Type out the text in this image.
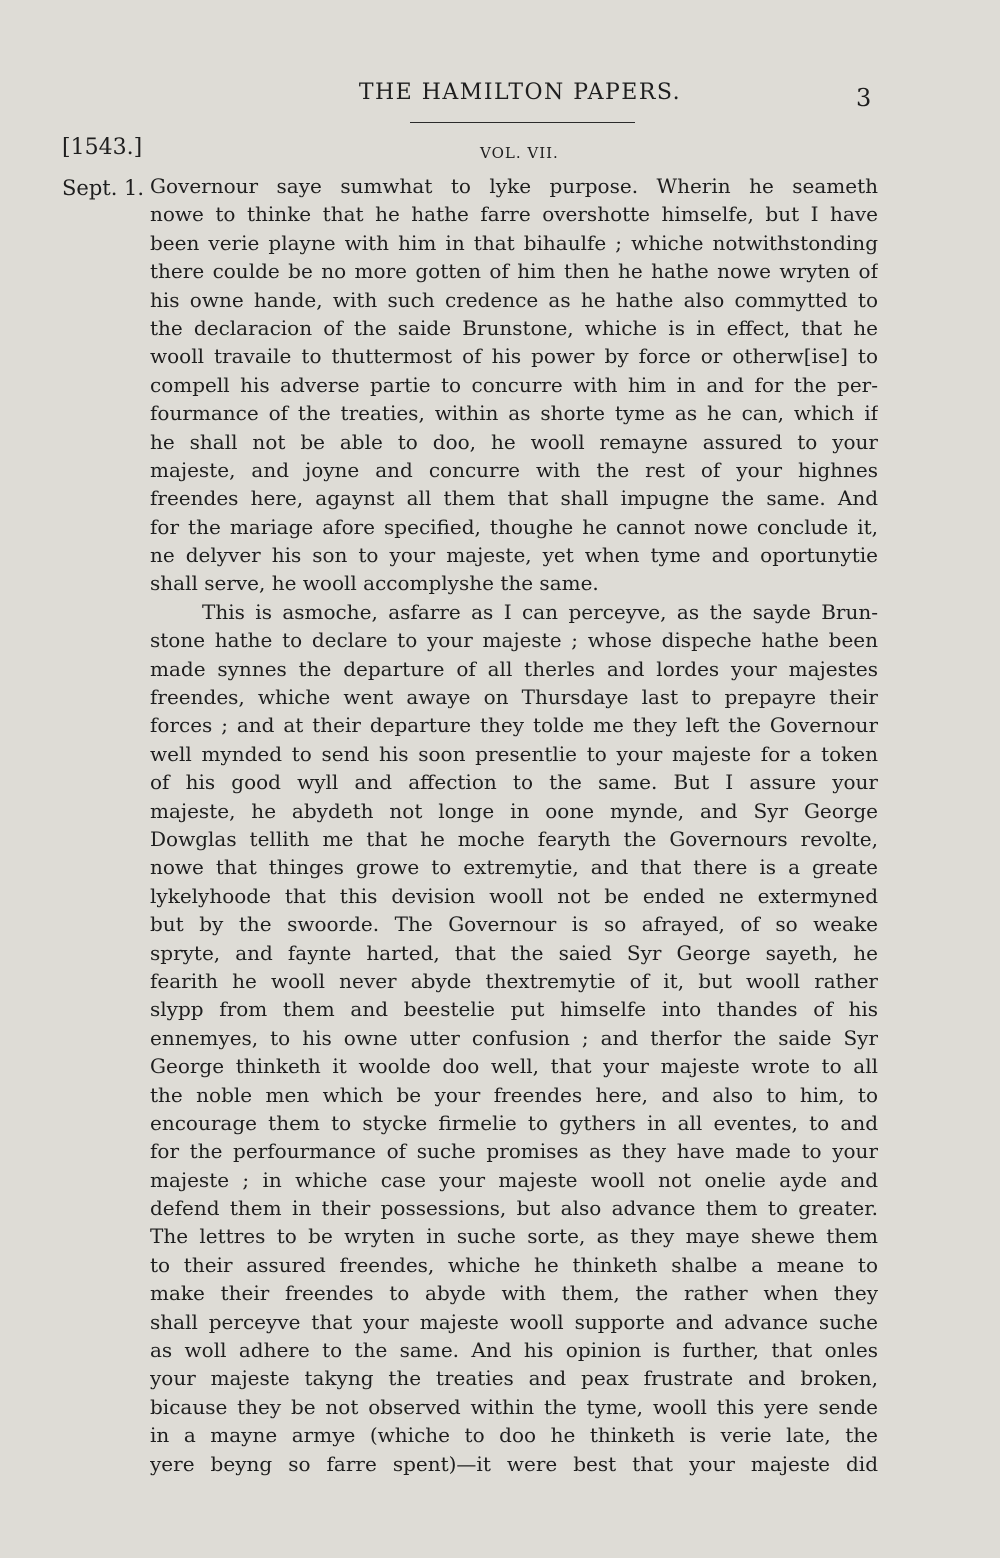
THE HAMILTON PAPERS.	3
[1543.]	VOL. VII.
Sept. 1. Governour saye sumwhat to lyke purpose. Wherin he seameth
nowe to thinke that he hathe farre overshotte himselfe, but I have
been verie playne with him in that bihaulfe ; whiche notwithstonding
there coulde be no more gotten of him then he hathe nowe wryten of
his owne hande, with such credence as he hathe also commytted to
the declaracion of the saide Brunstone, whiche is in effect, that he
wooll travaile to thuttermost of his power by force or otherw[ise] to
compell his adverse partie to concurre with him in and for the per-
fourmance of the treaties, within as shorte tyme as he can, which if
he shall not be able to doo, he wooll remayne assured to your
majeste, and joyne and concurre with the rest of your highnes
freendes here, agaynst all them that shall impugne the same. And
for the mariage afore specified, thoughe he cannot nowe conclude it,
ne delyver his son to your majeste, yet when tyme and oportunytie
shall serve, he wooll accomplyshe the same.
This is asmoche, asfarre as I can perceyve, as the sayde Brun-
stone hathe to declare to your majeste ; whose dispeche hathe been
made synnes the departure of all therles and lordes your majestes
freendes, whiche went awaye on Thursdaye last to prepayre their
forces ; and at their departure they tolde me they left the Governour
well mynded to send his soon presentlie to your majeste for a token
of his good wyll and affection to the same. But I assure your
majeste, he abydeth not longe in oone mynde, and Syr George
Dowglas tellith me that he moche fearyth the Governours revolte,
nowe that thinges growe to extremytie, and that there is a greate
lykelyhoode that this devision wooll not be ended ne extermyned
but by the swoorde. The Governour is so afrayed, of so weake
spryte, and faynte harted, that the saied Syr George sayeth, he
fearith he wooll never abyde thextremytie of it, but wooll rather
slypp from them and beestelie put himselfe into thandes of his
ennemyes, to his owne utter confusion ; and therfor the saide Syr
George thinketh it woolde doo well, that your majeste wrote to all
the noble men which be your freendes here, and also to him, to
encourage them to stycke firmelie to gythers in all eventes, to and
for the perfourmance of suche promises as they have made to your
majeste ; in whiche case your majeste wooll not onelie ayde and
defend them in their possessions, but also advance them to greater.
The lettres to be wryten in suche sorte, as they maye shewe them
to their assured freendes, whiche he thinketh shalbe a meane to
make their freendes to abyde with them, the rather when they
shall perceyve that your majeste wooll supporte and advance suche
as woll adhere to the same. And his opinion is further, that onles
your majeste takyng the treaties and peax frustrate and broken,
bicause they be not observed within the tyme, wooll this yere sende
in a mayne armye (whiche to doo he thinketh is verie late, the
yere beyng so farre spent)—it were best that your majeste did
